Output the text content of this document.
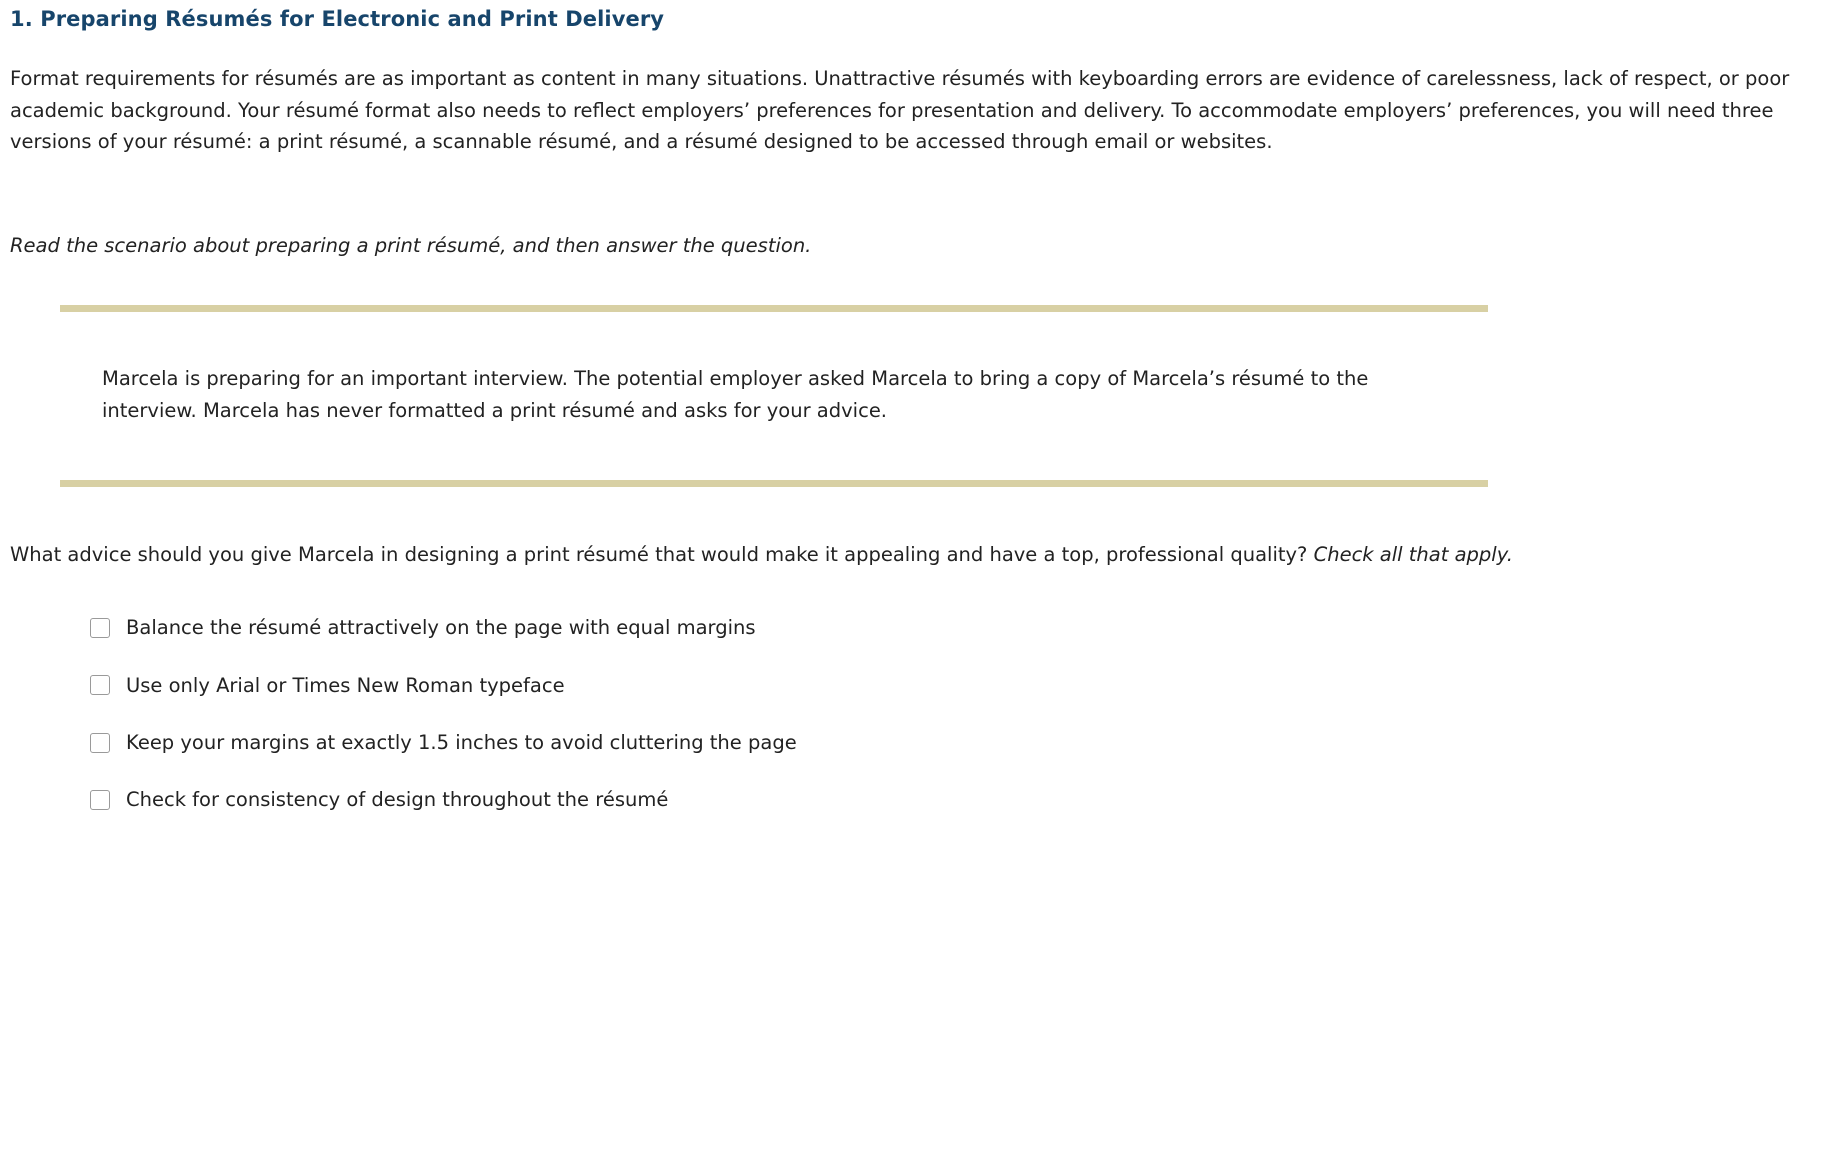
1. Preparing Résumés for Electronic and Print Delivery

Format requirements for résumés are as important as content in many situations. Unattractive résumés with keyboarding errors are evidence of carelessness, lack of respect, or poor academic background. Your résumé format also needs to reflect employers’ preferences for presentation and delivery. To accommodate employers’ preferences, you will need three versions of your résumé: a print résumé, a scannable résumé, and a résumé designed to be accessed through email or websites.

Read the scenario about preparing a print résumé, and then answer the question.

Marcela is preparing for an important interview. The potential employer asked Marcela to bring a copy of Marcela’s résumé to the interview. Marcela has never formatted a print résumé and asks for your advice.

What advice should you give Marcela in designing a print résumé that would make it appealing and have a top, professional quality? Check all that apply.

Balance the résumé attractively on the page with equal margins
Use only Arial or Times New Roman typeface
Keep your margins at exactly 1.5 inches to avoid cluttering the page
Check for consistency of design throughout the résumé
